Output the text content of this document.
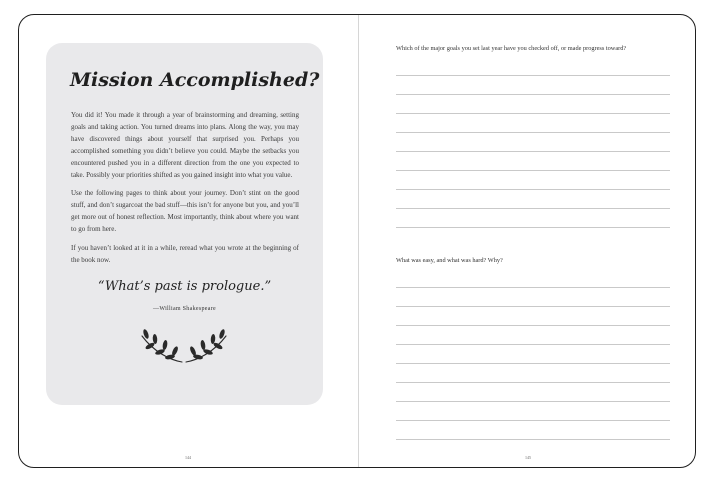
Mission Accomplished?

You did it! You made it through a year of brainstorming and dreaming, setting goals and taking action. You turned dreams into plans. Along the way, you may have discovered things about yourself that surprised you. Perhaps you accomplished something you didn’t believe you could. Maybe the setbacks you encountered pushed you in a different direction from the one you expected to take. Possibly your priorities shifted as you gained insight into what you value.

Use the following pages to think about your journey. Don’t stint on the good stuff, and don’t sugarcoat the bad stuff—this isn’t for anyone but you, and you’ll get more out of honest reflection. Most importantly, think about where you want to go from here.

If you haven’t looked at it in a while, reread what you wrote at the beginning of the book now.

“What’s past is prologue.”
—William Shakespeare
144
Which of the major goals you set last year have you checked off, or made progress toward?
What was easy, and what was hard? Why?
145
